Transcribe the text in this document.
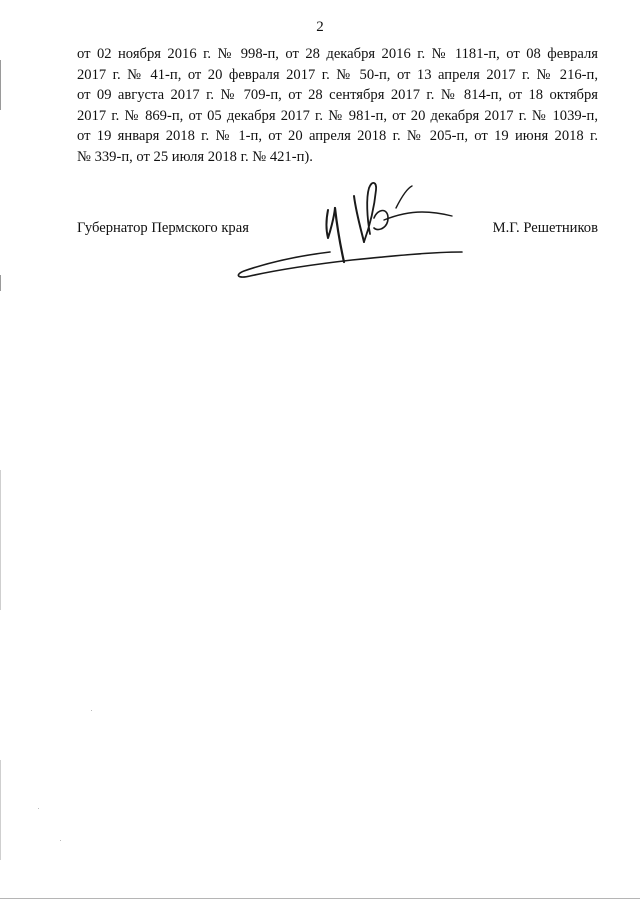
2
от 02 ноября 2016 г. № 998-п, от 28 декабря 2016 г. № 1181-п, от 08 февраля
2017 г. № 41-п, от 20 февраля 2017 г. № 50-п, от 13 апреля 2017 г. № 216-п,
от 09 августа 2017 г. № 709-п, от 28 сентября 2017 г. № 814-п, от 18 октября
2017 г. № 869-п, от 05 декабря 2017 г. № 981-п, от 20 декабря 2017 г. № 1039-п,
от 19 января 2018 г. № 1-п, от 20 апреля 2018 г. № 205-п, от 19 июня 2018 г.
№ 339-п, от 25 июля 2018 г. № 421-п).
Губернатор Пермского края	М.Г. Решетников
